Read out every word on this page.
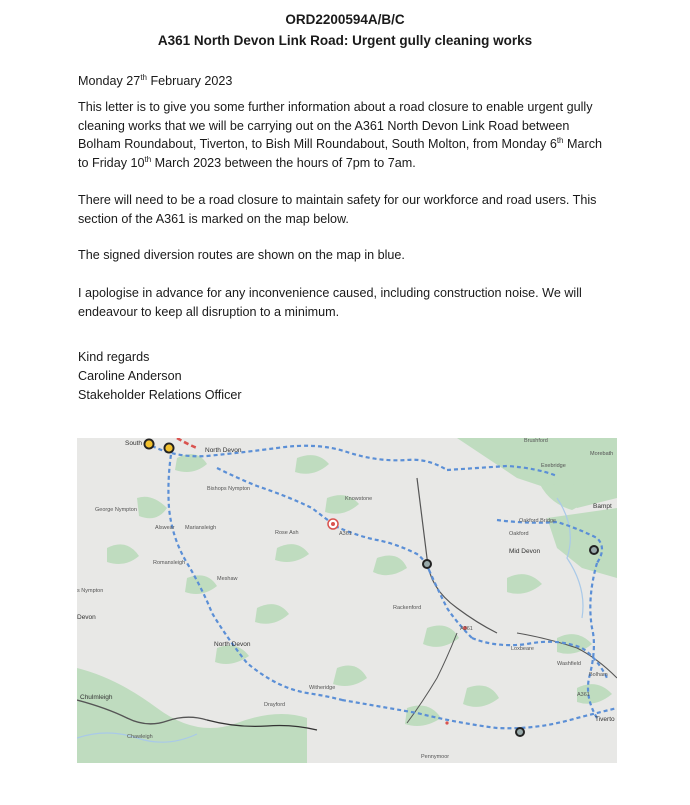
ORD2200594A/B/C
A361 North Devon Link Road: Urgent gully cleaning works

Monday 27th February 2023

This letter is to give you some further information about a road closure to enable urgent gully cleaning works that we will be carrying out on the A361 North Devon Link Road between Bolham Roundabout, Tiverton, to Bish Mill Roundabout, South Molton, from Monday 6th March to Friday 10th March 2023 between the hours of 7pm to 7am.

There will need to be a road closure to maintain safety for our workforce and road users. This section of the A361 is marked on the map below.

The signed diversion routes are shown on the map in blue.

I apologise in advance for any inconvenience caused, including construction noise. We will endeavour to keep all disruption to a minimum.

Kind regards

Caroline Anderson

Stakeholder Relations Officer

South
North Devon
Bishops Nympton
George Nympton
Alswear Mariansleigh
Romansleigh
Meshaw
Rose Ash
Knowstone
A361
Rackenford
North Devon
Witheridge
Drayford
Chulmleigh
Chawleigh
s Nympton
Devon
Exebridge
Morebath
Bampt
Oakford Bridge
Oakford
Mid Devon
Loxbeare
Washfield
Bolham
Tiverto
A361
A361
Pennymoor
Brushford
